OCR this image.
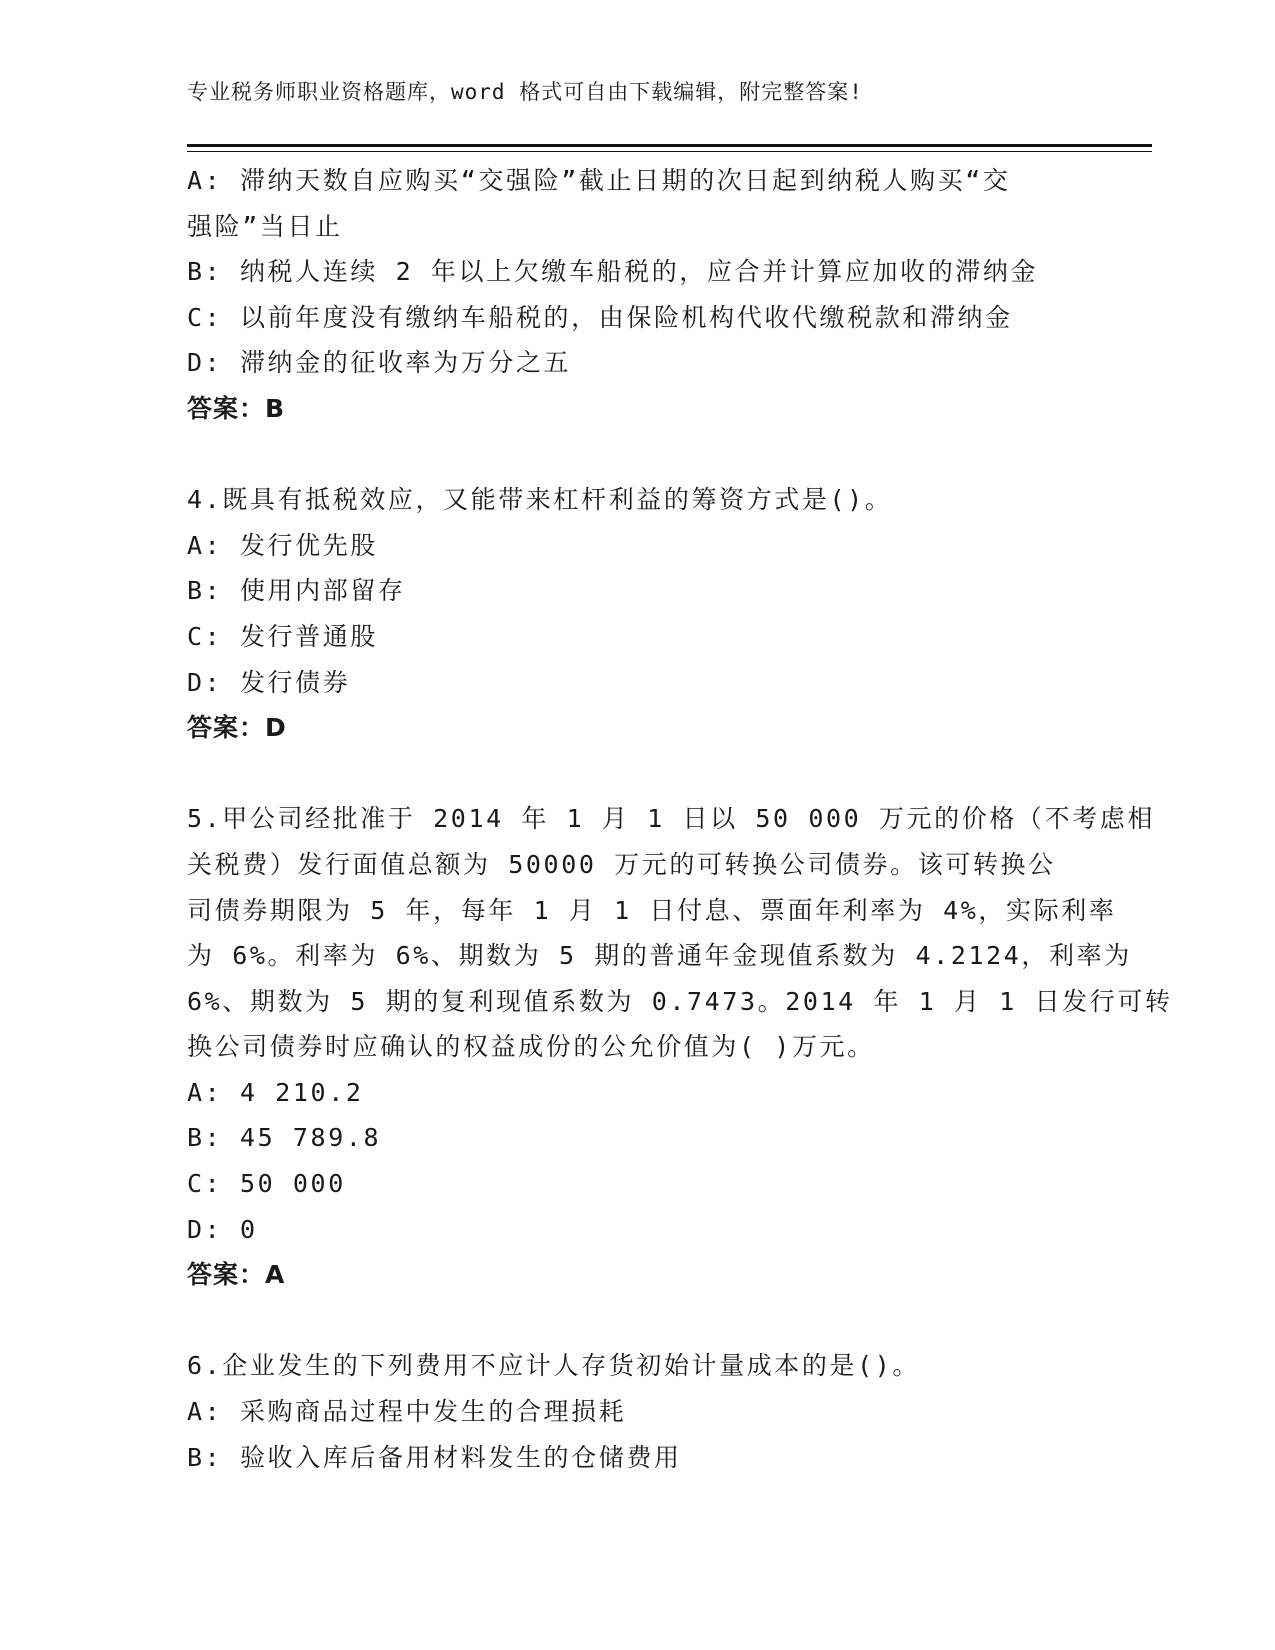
专业税务师职业资格题库，word 格式可自由下载编辑，附完整答案!
A: 滞纳天数自应购买“交强险”截止日期的次日起到纳税人购买“交
强险”当日止
B: 纳税人连续 2 年以上欠缴车船税的，应合并计算应加收的滞纳金
C: 以前年度没有缴纳车船税的，由保险机构代收代缴税款和滞纳金
D: 滞纳金的征收率为万分之五
答案：B
4.既具有抵税效应，又能带来杠杆利益的筹资方式是()。
A: 发行优先股
B: 使用内部留存
C: 发行普通股
D: 发行债券
答案：D
5.甲公司经批准于 2014 年 1 月 1 日以 50 000 万元的价格（不考虑相
关税费）发行面值总额为 50000 万元的可转换公司债券。该可转换公
司债券期限为 5 年，每年 1 月 1 日付息、票面年利率为 4%，实际利率
为 6%。利率为 6%、期数为 5 期的普通年金现值系数为 4.2124，利率为
6%、期数为 5 期的复利现值系数为 0.7473。2014 年 1 月 1 日发行可转
换公司债券时应确认的权益成份的公允价值为( )万元。
A: 4 210.2
B: 45 789.8
C: 50 000
D: 0
答案：A
6.企业发生的下列费用不应计人存货初始计量成本的是()。
A: 采购商品过程中发生的合理损耗
B: 验收入库后备用材料发生的仓储费用
